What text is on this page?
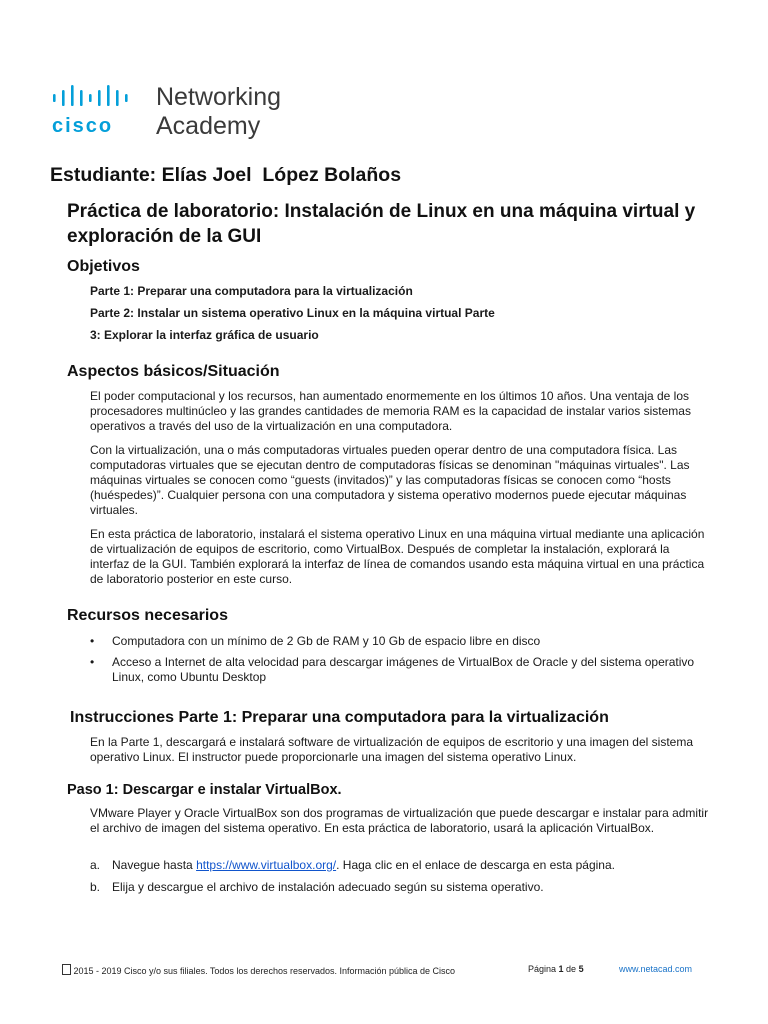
cisco
Networking
Academy
Estudiante: Elías Joel  López Bolaños
Práctica de laboratorio: Instalación de Linux en una máquina virtual y exploración de la GUI
Objetivos
Parte 1: Preparar una computadora para la virtualización
Parte 2: Instalar un sistema operativo Linux en la máquina virtual Parte
3: Explorar la interfaz gráfica de usuario
Aspectos básicos/Situación
El poder computacional y los recursos, han aumentado enormemente en los últimos 10 años. Una ventaja de los procesadores multinúcleo y las grandes cantidades de memoria RAM es la capacidad de instalar varios sistemas operativos a través del uso de la virtualización en una computadora.
Con la virtualización, una o más computadoras virtuales pueden operar dentro de una computadora física. Las computadoras virtuales que se ejecutan dentro de computadoras físicas se denominan "máquinas virtuales". Las máquinas virtuales se conocen como “guests (invitados)” y las computadoras físicas se conocen como “hosts (huéspedes)”. Cualquier persona con una computadora y sistema operativo modernos puede ejecutar máquinas virtuales.
En esta práctica de laboratorio, instalará el sistema operativo Linux en una máquina virtual mediante una aplicación de virtualización de equipos de escritorio, como VirtualBox. Después de completar la instalación, explorará la interfaz de la GUI. También explorará la interfaz de línea de comandos usando esta máquina virtual en una práctica de laboratorio posterior en este curso.
Recursos necesarios
•	Computadora con un mínimo de 2 Gb de RAM y 10 Gb de espacio libre en disco
•	Acceso a Internet de alta velocidad para descargar imágenes de VirtualBox de Oracle y del sistema operativo Linux, como Ubuntu Desktop
Instrucciones Parte 1: Preparar una computadora para la virtualización
En la Parte 1, descargará e instalará software de virtualización de equipos de escritorio y una imagen del sistema operativo Linux. El instructor puede proporcionarle una imagen del sistema operativo Linux.
Paso 1: Descargar e instalar VirtualBox.
VMware Player y Oracle VirtualBox son dos programas de virtualización que puede descargar e instalar para admitir el archivo de imagen del sistema operativo. En esta práctica de laboratorio, usará la aplicación VirtualBox.
a. Navegue hasta https://www.virtualbox.org/. Haga clic en el enlace de descarga en esta página.
b. Elija y descargue el archivo de instalación adecuado según su sistema operativo.
2015 - 2019 Cisco y/o sus filiales. Todos los derechos reservados. Información pública de Cisco	Página 1 de 5	www.netacad.com
